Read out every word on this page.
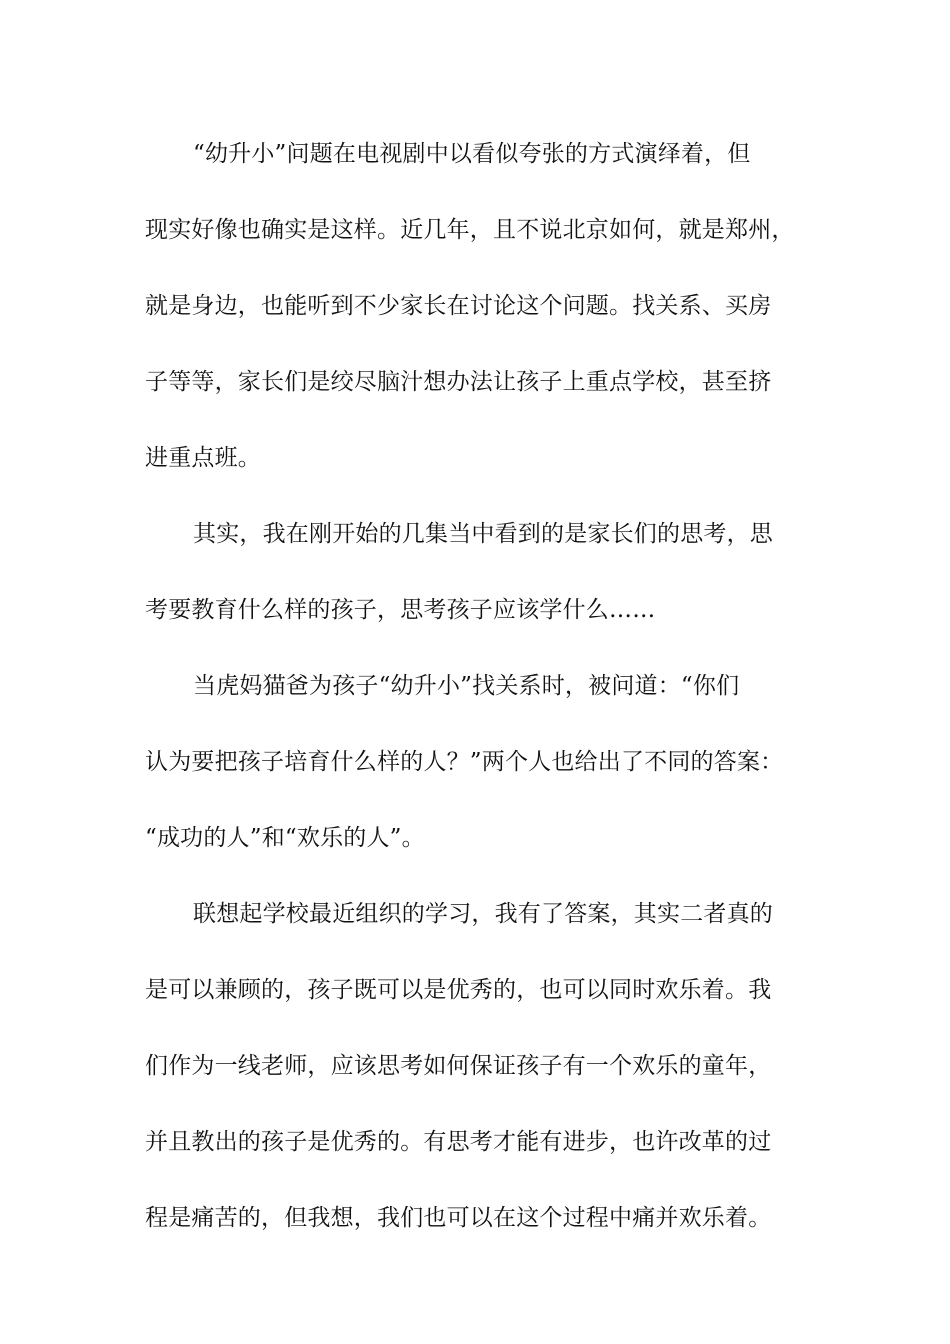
“幼升小”问题在电视剧中以看似夸张的方式演绎着，但
现实好像也确实是这样。近几年，且不说北京如何，就是郑州，
就是身边，也能听到不少家长在讨论这个问题。找关系、买房
子等等，家长们是绞尽脑汁想办法让孩子上重点学校，甚至挤
进重点班。
其实，我在刚开始的几集当中看到的是家长们的思考，思
考要教育什么样的孩子，思考孩子应该学什么……
当虎妈猫爸为孩子“幼升小”找关系时，被问道：“你们
认为要把孩子培育什么样的人？”两个人也给出了不同的答案：
“成功的人”和“欢乐的人”。
联想起学校最近组织的学习，我有了答案，其实二者真的
是可以兼顾的，孩子既可以是优秀的，也可以同时欢乐着。我
们作为一线老师，应该思考如何保证孩子有一个欢乐的童年，
并且教出的孩子是优秀的。有思考才能有进步，也许改革的过
程是痛苦的，但我想，我们也可以在这个过程中痛并欢乐着。
